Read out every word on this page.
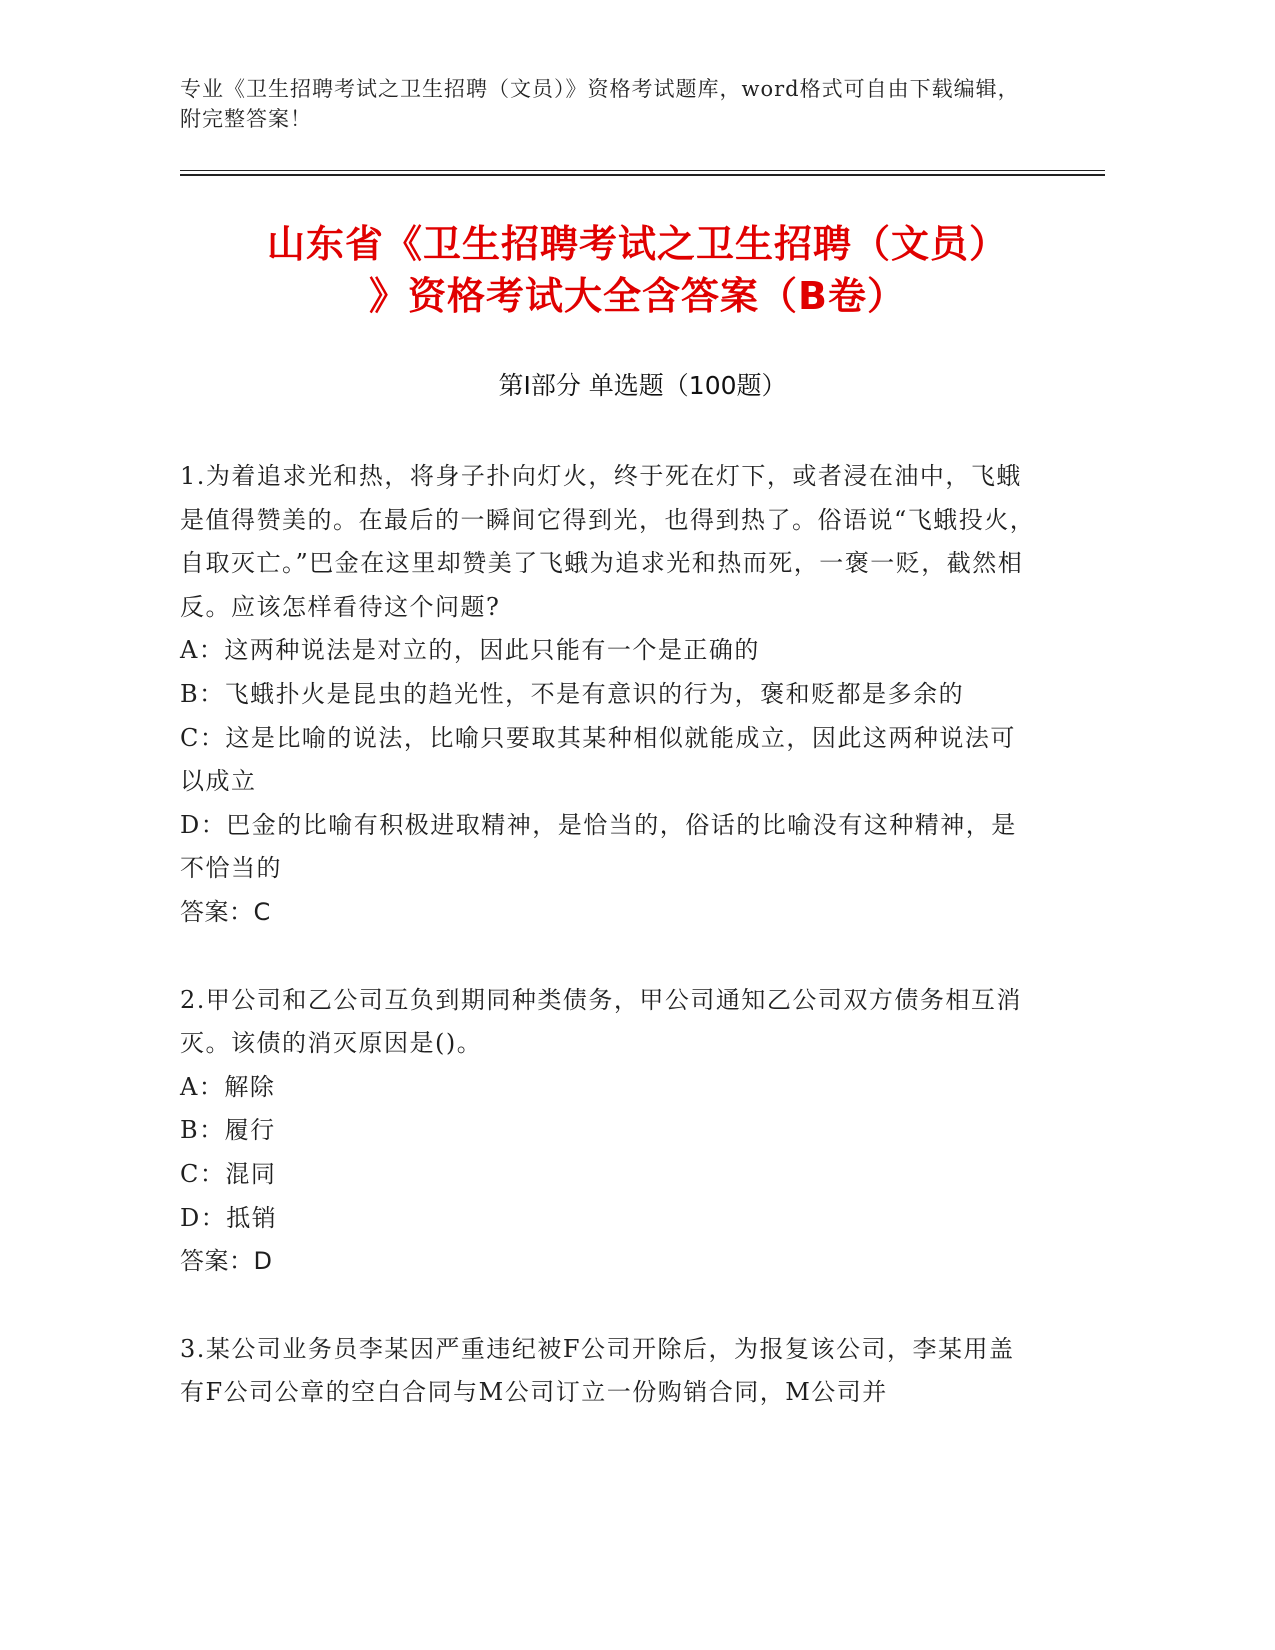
专业《卫生招聘考试之卫生招聘（文员）》资格考试题库，word格式可自由下载编辑，附完整答案！
山东省《卫生招聘考试之卫生招聘（文员）
》资格考试大全含答案（B卷）
第Ⅰ部分 单选题（100题）

1.为着追求光和热，将身子扑向灯火，终于死在灯下，或者浸在油中，飞蛾是值得赞美的。在最后的一瞬间它得到光，也得到热了。俗语说“飞蛾投火，自取灭亡。”巴金在这里却赞美了飞蛾为追求光和热而死，一褒一贬，截然相反。应该怎样看待这个问题?

A：这两种说法是对立的，因此只能有一个是正确的

B：飞蛾扑火是昆虫的趋光性，不是有意识的行为，褒和贬都是多余的

C：这是比喻的说法，比喻只要取其某种相似就能成立，因此这两种说法可以成立

D：巴金的比喻有积极进取精神，是恰当的，俗话的比喻没有这种精神，是不恰当的

答案：C

2.甲公司和乙公司互负到期同种类债务，甲公司通知乙公司双方债务相互消灭。该债的消灭原因是()。

A：解除

B：履行

C：混同

D：抵销

答案：D

3.某公司业务员李某因严重违纪被F公司开除后，为报复该公司，李某用盖有F公司公章的空白合同与M公司订立一份购销合同，M公司并
